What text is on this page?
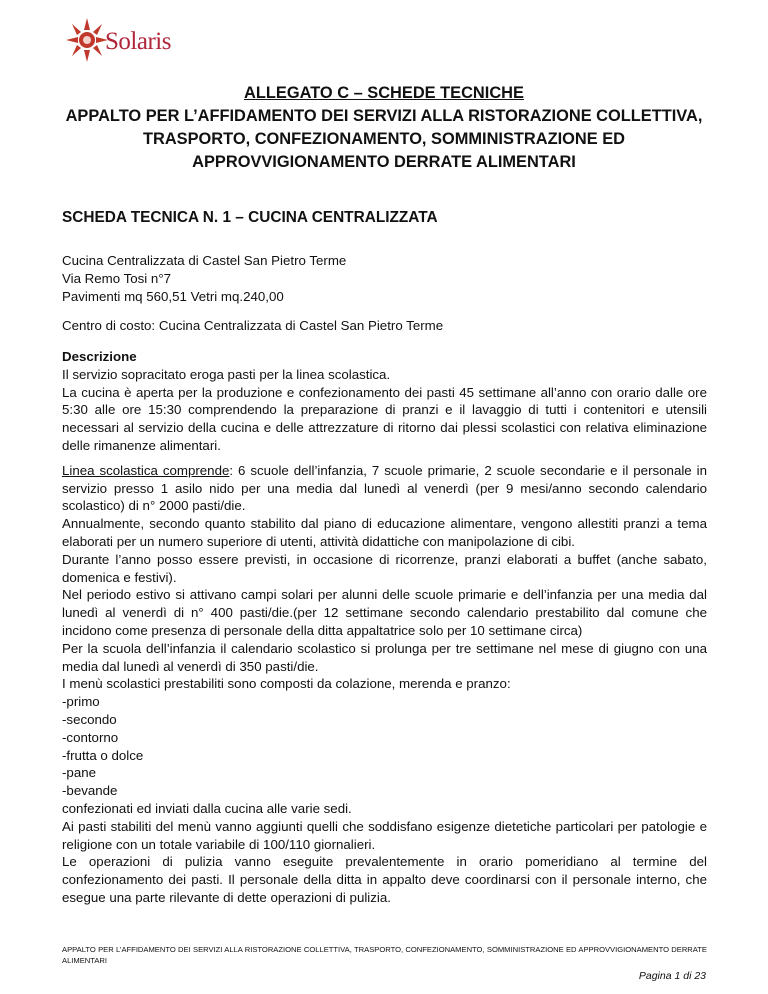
Solaris
ALLEGATO C – SCHEDE TECNICHE
APPALTO PER L’AFFIDAMENTO DEI SERVIZI ALLA RISTORAZIONE COLLETTIVA,
TRASPORTO, CONFEZIONAMENTO, SOMMINISTRAZIONE ED
APPROVVIGIONAMENTO DERRATE ALIMENTARI
SCHEDA TECNICA N. 1 – CUCINA CENTRALIZZATA

Cucina Centralizzata di Castel San Pietro Terme

Via Remo Tosi n°7

Pavimenti mq 560,51 Vetri mq.240,00

Centro di costo: Cucina Centralizzata di Castel San Pietro Terme

Descrizione

Il servizio sopracitato eroga pasti per la linea scolastica.

La cucina è aperta per la produzione e confezionamento dei pasti 45 settimane all’anno con orario dalle ore 5:30 alle ore 15:30 comprendendo la preparazione di pranzi e il lavaggio di tutti i contenitori e utensili necessari al servizio della cucina e delle attrezzature di ritorno dai plessi scolastici con relativa eliminazione delle rimanenze alimentari.

Linea scolastica comprende: 6 scuole dell’infanzia, 7 scuole primarie, 2 scuole secondarie e il personale in servizio presso 1 asilo nido per una media dal lunedì al venerdì (per 9 mesi/anno secondo calendario scolastico) di n° 2000 pasti/die.

Annualmente, secondo quanto stabilito dal piano di educazione alimentare, vengono allestiti pranzi a tema elaborati per un numero superiore di utenti, attività didattiche con manipolazione di cibi.

Durante l’anno posso essere previsti, in occasione di ricorrenze, pranzi elaborati a buffet (anche sabato, domenica e festivi).

Nel periodo estivo si attivano campi solari per alunni delle scuole primarie e dell’infanzia per una media dal lunedì al venerdì di n° 400 pasti/die.(per 12 settimane secondo calendario prestabilito dal comune che incidono come presenza di personale della ditta appaltatrice solo per 10 settimane circa)

Per la scuola dell’infanzia il calendario scolastico si prolunga per tre settimane nel mese di giugno con una media dal lunedì al venerdì di 350 pasti/die.

I menù scolastici prestabiliti sono composti da colazione, merenda e pranzo:

-primo

-secondo

-contorno

-frutta o dolce

-pane

-bevande

confezionati ed inviati dalla cucina alle varie sedi.

Ai pasti stabiliti del menù vanno aggiunti quelli che soddisfano esigenze dietetiche particolari per patologie e religione con un totale variabile di 100/110 giornalieri.

Le operazioni di pulizia vanno eseguite prevalentemente in orario pomeridiano al termine del confezionamento dei pasti. Il personale della ditta in appalto deve coordinarsi con il personale interno, che esegue una parte rilevante di dette operazioni di pulizia.

APPALTO PER L’AFFIDAMENTO DEI SERVIZI ALLA RISTORAZIONE COLLETTIVA, TRASPORTO, CONFEZIONAMENTO, SOMMINISTRAZIONE ED APPROVVIGIONAMENTO DERRATE ALIMENTARI
Pagina 1 di 23
